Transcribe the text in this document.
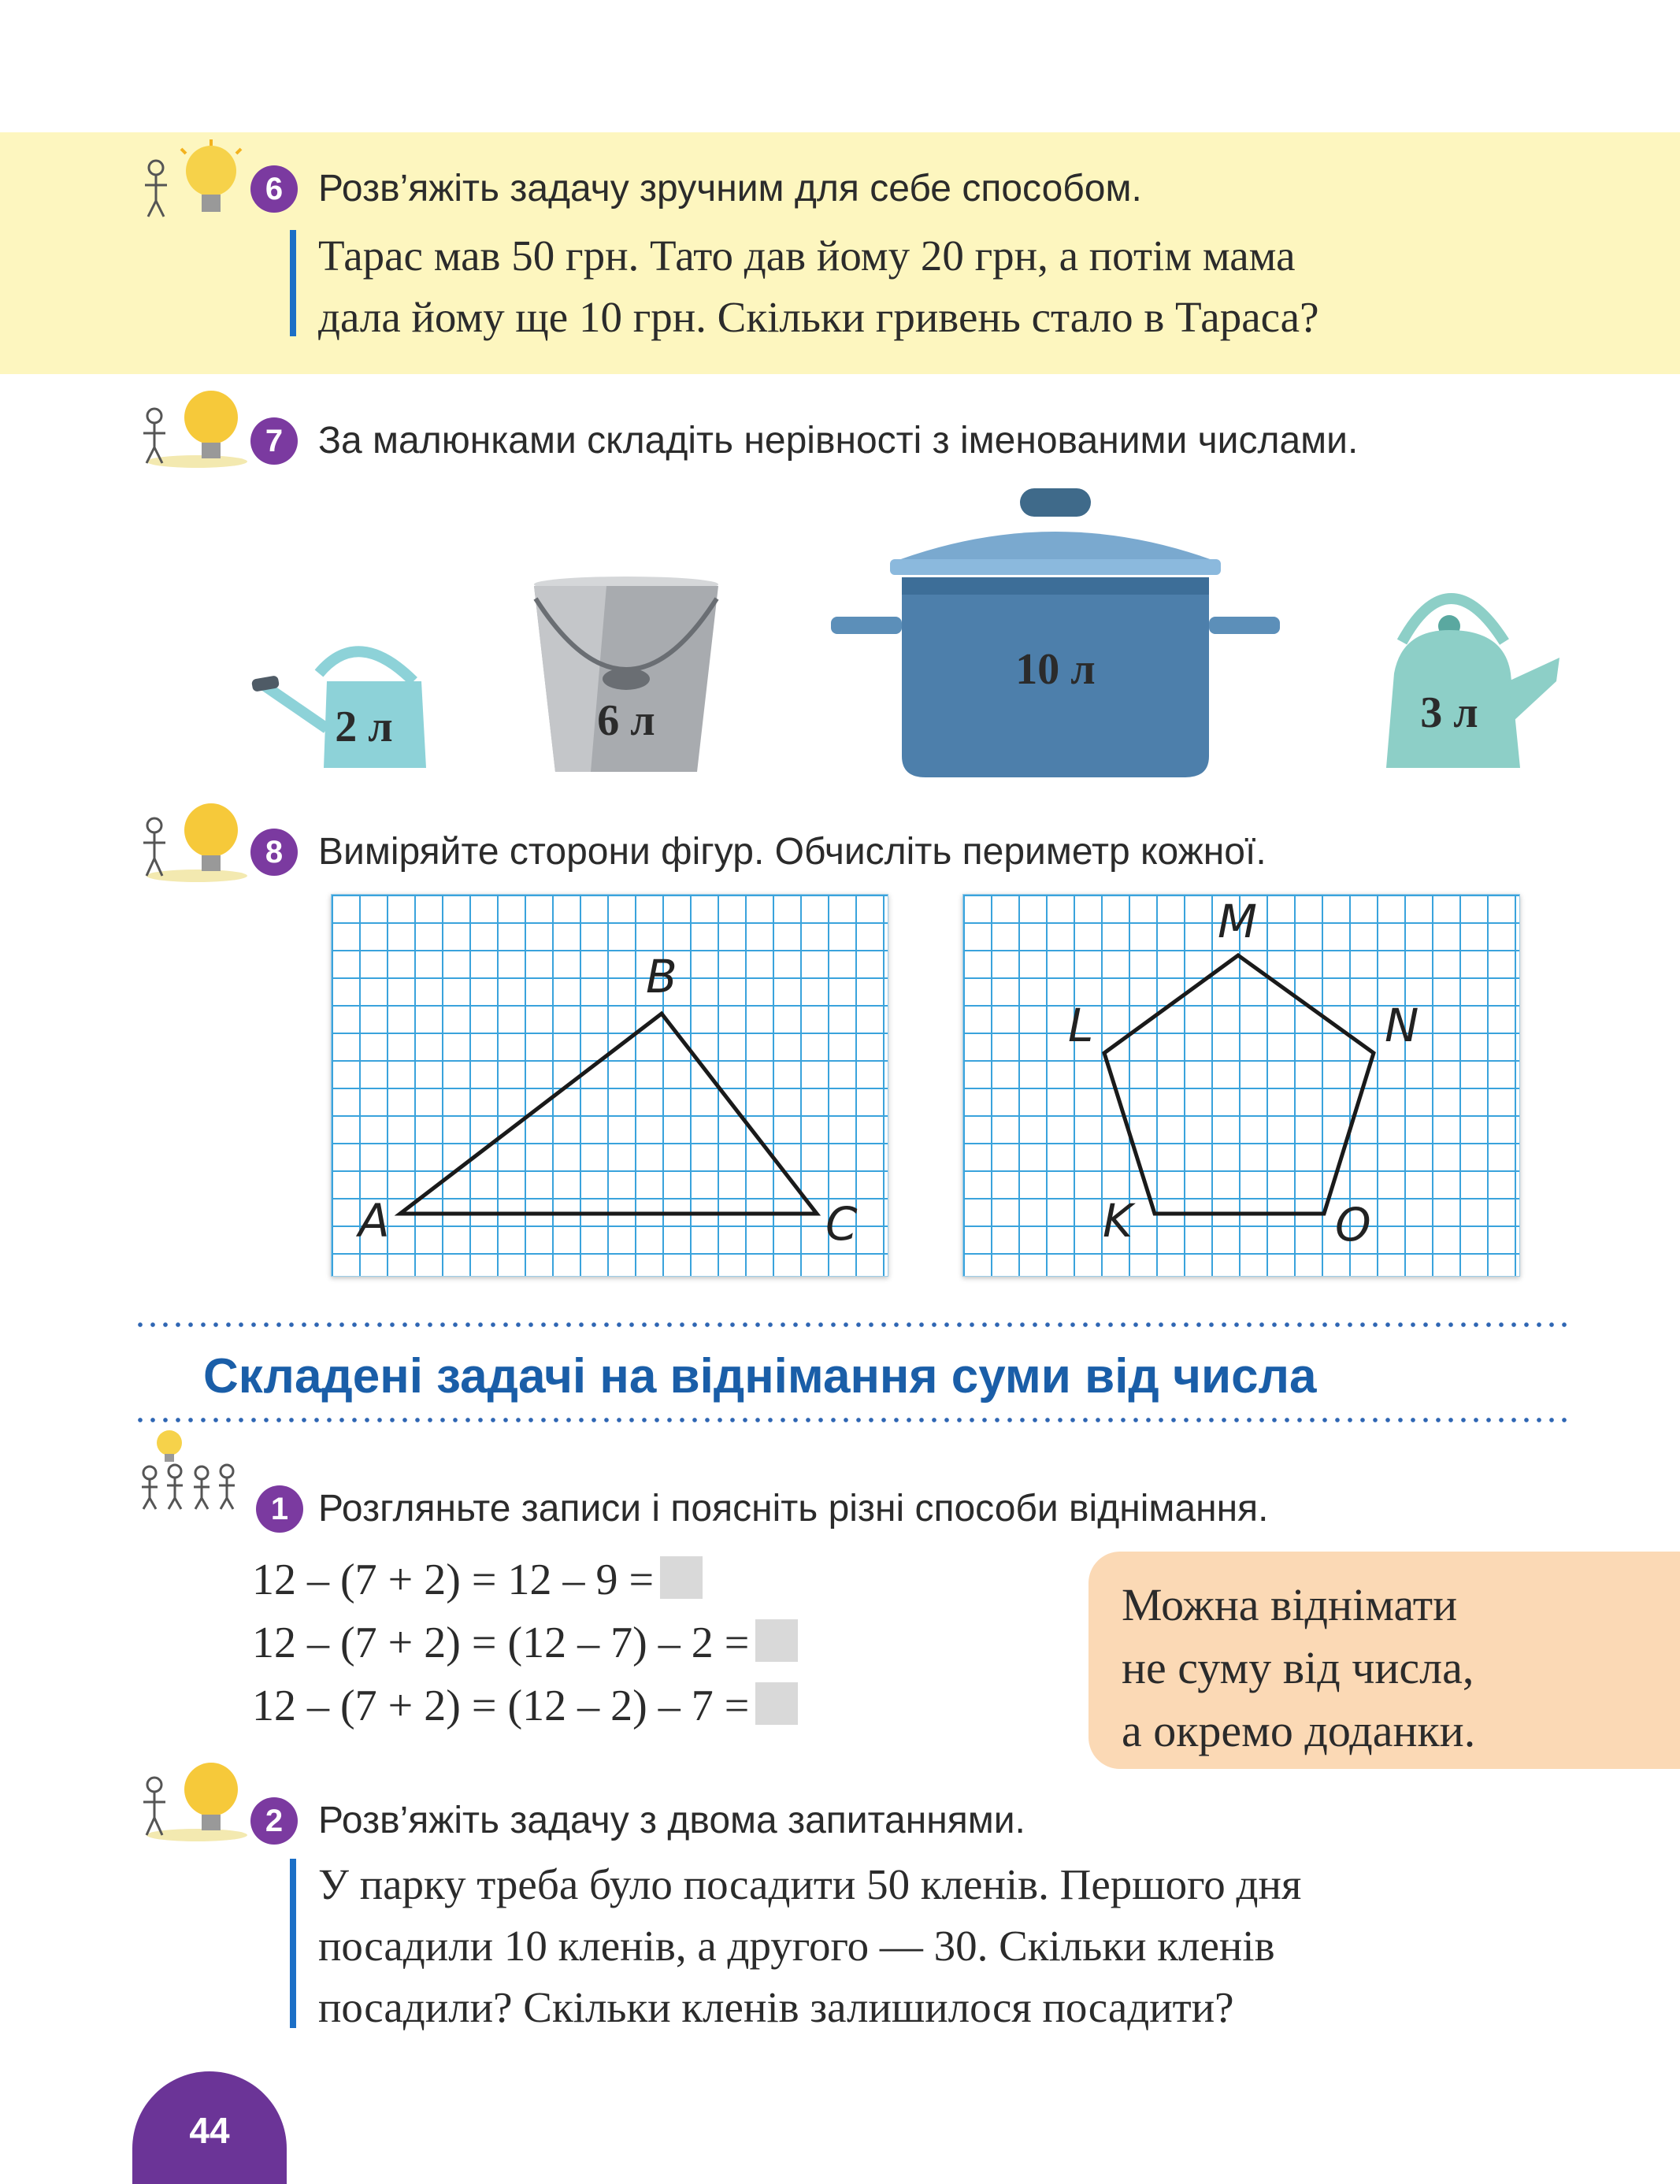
6 Розв’яжіть задачу зручним для себе способом.
Тарас мав 50 грн. Тато дав йому 20 грн, а потім мама
дала йому ще 10 грн. Скільки гривень стало в Тараса?
7 За малюнками складіть нерівності з іменованими числами.
2 л	6 л
10 л
3 л
8 Виміряйте сторони фігур. Обчисліть периметр кожної.
B
A	C
M
N
O
K
L
Складені задачі на віднімання суми від числа
1 Розгляньте записи і поясніть різні способи віднімання.
12 – (7 + 2) = 12 – 9 =
12 – (7 + 2) = (12 – 7) – 2 =
12 – (7 + 2) = (12 – 2) – 7 =
Можна віднімати
не суму від числа,
а окремо доданки.
2 Розв’яжіть задачу з двома запитаннями.
У парку треба було посадити 50 кленів. Першого дня
посадили 10 кленів, а другого — 30. Скільки кленів
посадили? Скільки кленів залишилося посадити?
44
